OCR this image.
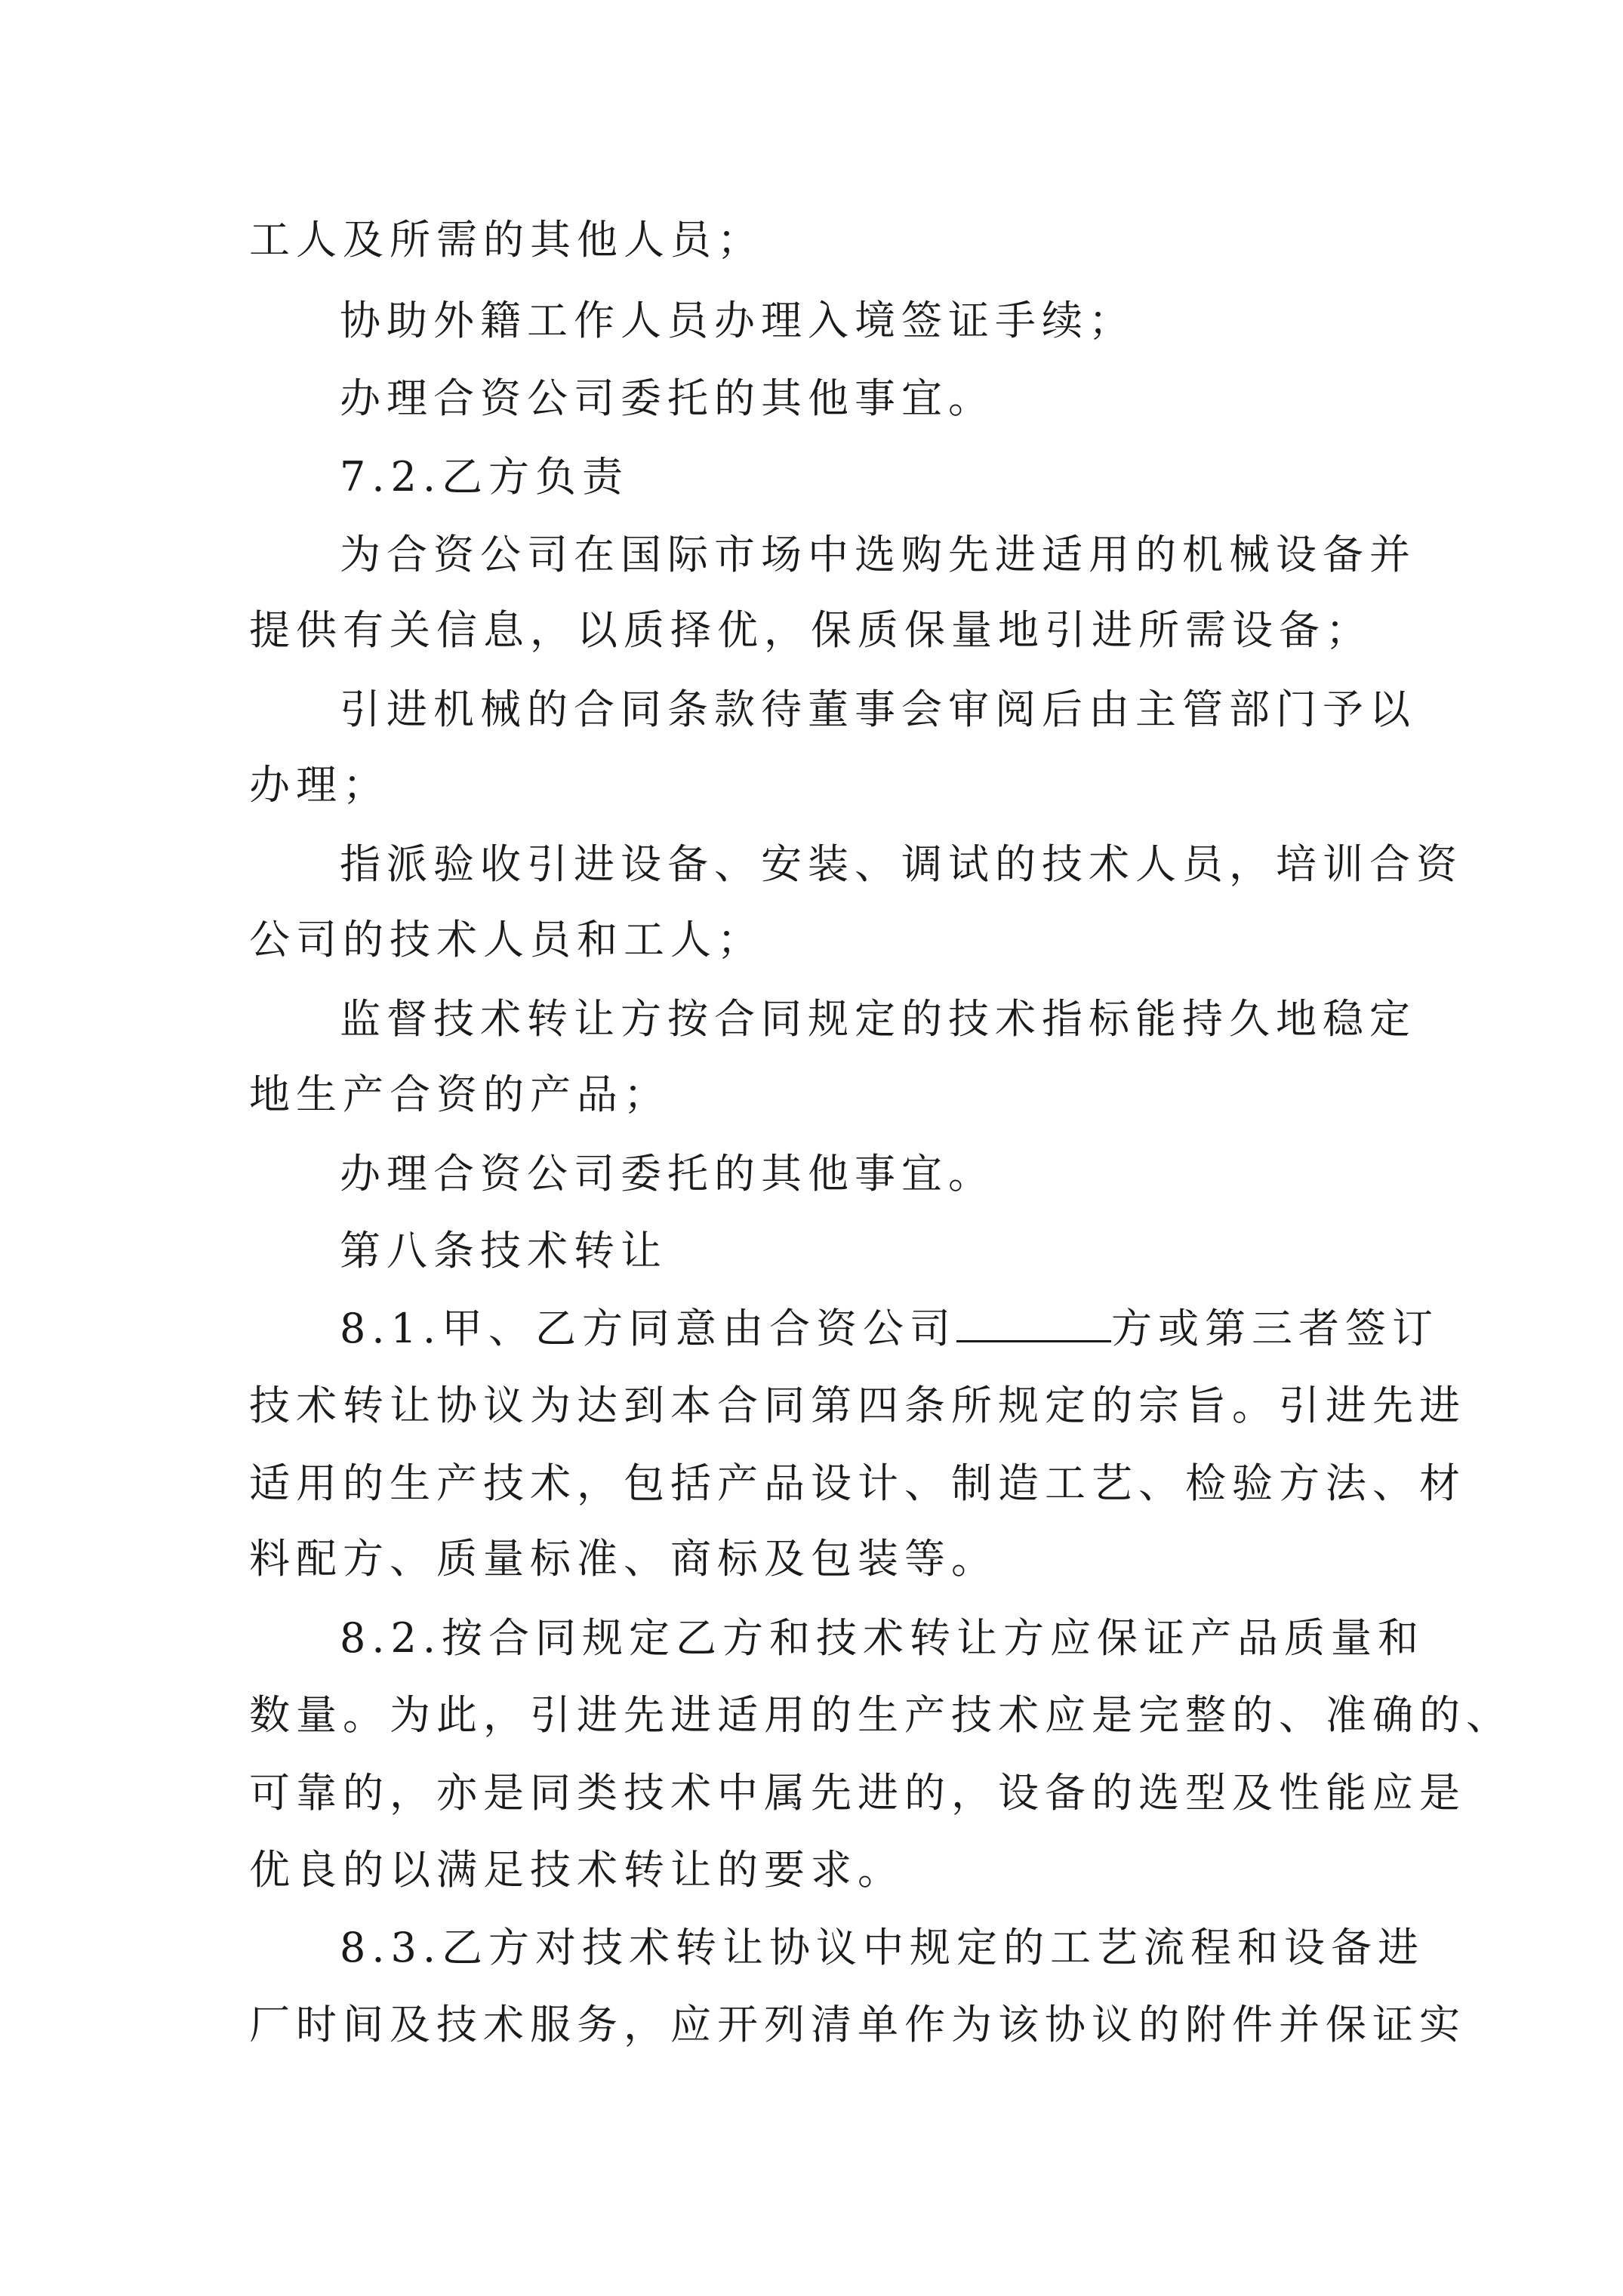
工人及所需的其他人员；
协助外籍工作人员办理入境签证手续；
办理合资公司委托的其他事宜。
7.2.乙方负责
为合资公司在国际市场中选购先进适用的机械设备并
提供有关信息，以质择优，保质保量地引进所需设备；
引进机械的合同条款待董事会审阅后由主管部门予以
办理；
指派验收引进设备、安装、调试的技术人员，培训合资
公司的技术人员和工人；
监督技术转让方按合同规定的技术指标能持久地稳定
地生产合资的产品；
办理合资公司委托的其他事宜。
第八条技术转让
8.1.甲、乙方同意由合资公司	方或第三者签订
技术转让协议为达到本合同第四条所规定的宗旨。引进先进
适用的生产技术，包括产品设计、制造工艺、检验方法、材
料配方、质量标准、商标及包装等。
8.2.按合同规定乙方和技术转让方应保证产品质量和
数量。为此，引进先进适用的生产技术应是完整的、准确的、
可靠的，亦是同类技术中属先进的，设备的选型及性能应是
优良的以满足技术转让的要求。
8.3.乙方对技术转让协议中规定的工艺流程和设备进
厂时间及技术服务，应开列清单作为该协议的附件并保证实
